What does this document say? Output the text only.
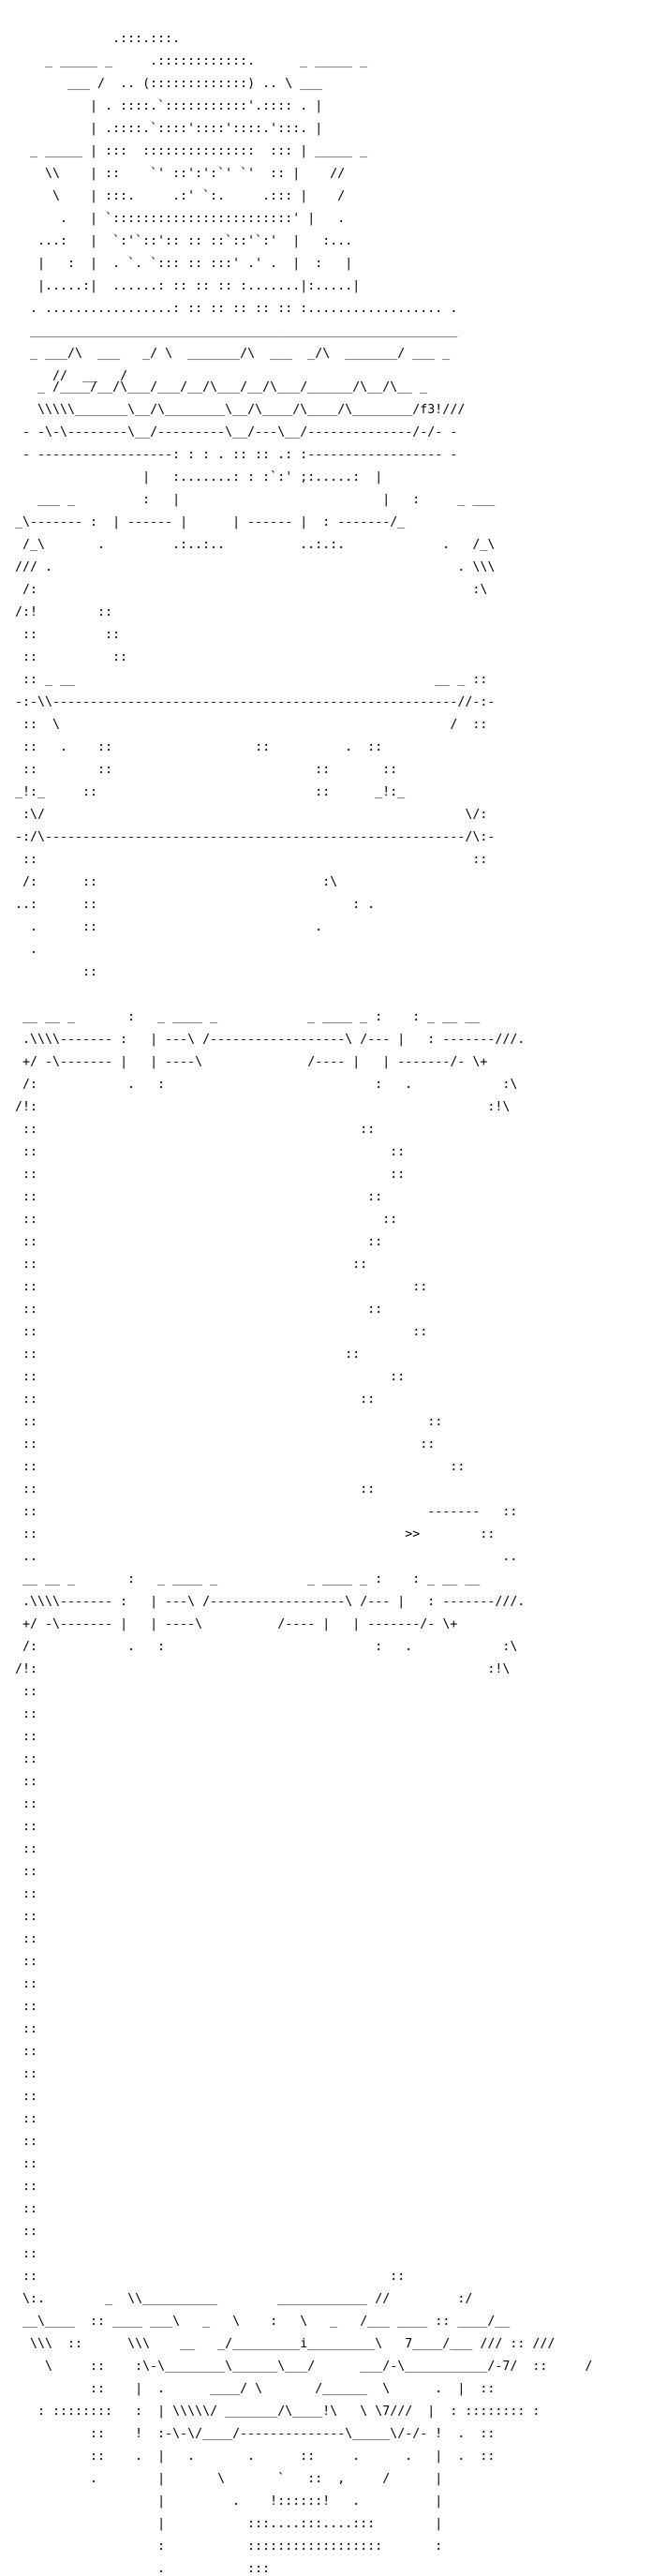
.:::.:::.

_ _____ _     .::::::::::::.      _ _____ _

___ /  .. (:::::::::::::) .. \ ___

| . ::::.`:::::::::::'.:::: . |

| .::::.`::::'::::'::::.':::. |

_ _____ | :::  :::::::::::::::  ::: | _____ _

\\    | ::    `' ::':':`' `'  :: |    //

\    | :::.     .:' `:.     .::: |    /

.   | `::::::::::::::::::::::::' |   .

...:   |  `:'`::':: :: ::`::'`:'  |   :...

|   :  |  . `. `::: :: :::' .' .  |  :   |

|.....:|  ......: :: :: :: :.......|:.....|

. .................: :: :: :: :: :: :.................. .

_________________________________________________________

_ ___/\  ___   _/ \  _______/\  ___  _/\  _______/ ___ _

//  __   /

_ /____/__/\___/___/__/\___/__/\___/______/\__/\__ _

\\\\\_______\__/\________\__/\____/\____/\________/f3!///

- -\-\--------\__/---------\__/---\__/--------------/-/- -

- ------------------: : : . :: :: .: :------------------ -

|   :.......: : :`:' ;:.....:  |

___ _         :   |                           |   :     _ ___

_\------- :  | ------ |      | ------ |  : -------/_

/_\       .         .:..:..          ..:.:.             .   /_\

/// .                                                      . \\\

/:                                                          :\

/:!        ::

::         ::

::          ::

:: _ __                                                __ _ ::

-:-\\------------------------------------------------------//-:-

::  \                                                    /  ::

::   .    ::	::          .  ::

::        ::	::       ::

_!:_     ::	::      _!:_

:\/                                                        \/:

-:/\--------------------------------------------------------/\:-

::                                                          ::

/:      ::                              :\

..:      ::                                  : .

.      ::                             .

.

::

__ __ _       :   _ ____ _            _ ____ _ :    : _ __ __

.\\\\------- :   | ---\ /------------------\ /--- |   : -------///.

+/ -\------- |   | ----\              /---- |   | -------/- \+

/:            .   :                            :   .            :\

/!:                                                            :!\

::	::

::	::

::	::

::	::

::	::

::	::

::	::

::	::

::	::

::	::

::	::

::	::

::	::

::	::

::	::

::	::

::	::

::                                                    -------   ::

::                                                 >>        ::

..                                                              ..

__ __ _       :   _ ____ _            _ ____ _ :    : _ __ __

.\\\\------- :   | ---\ /------------------\ /--- |   : -------///.

+/ -\------- |   | ----\          /---- |   | -------/- \+

/:            .   :                            :   .            :\

/!:                                                            :!\

::

::

::

::

::

::

::

::

::

::

::

::

::

::

::

::

::

::

::

::

::

::

::

::

::

::

::                                               ::

\:.        _  \\__________        ____________ //         :/

__\____  :: ____ ___\   _   \    :   \   _   /___ ____ :: ____/__

\\\  ::      \\\    __   _/_________i_________\   7____/___ /// :: ///

\     ::    :\-\________\______\___/      ___/-\___________/-7/  ::     /

::    |  .      ____/ \       /______  \      .  |  ::

: ::::::::   :  | \\\\\/ _______/\____!\   \ \7///  |  : :::::::: :

::    !  :-\-\/____/--------------\_____\/-/- !  .  ::

::    .  |   .       .      ::     .      .   |  .  ::

.        |       \       `   ::  ,     /      |

|         .    !::::::!   .          |

|           :::....:::....:::        |

:           ::::::::::::::::::       :

.           :::
